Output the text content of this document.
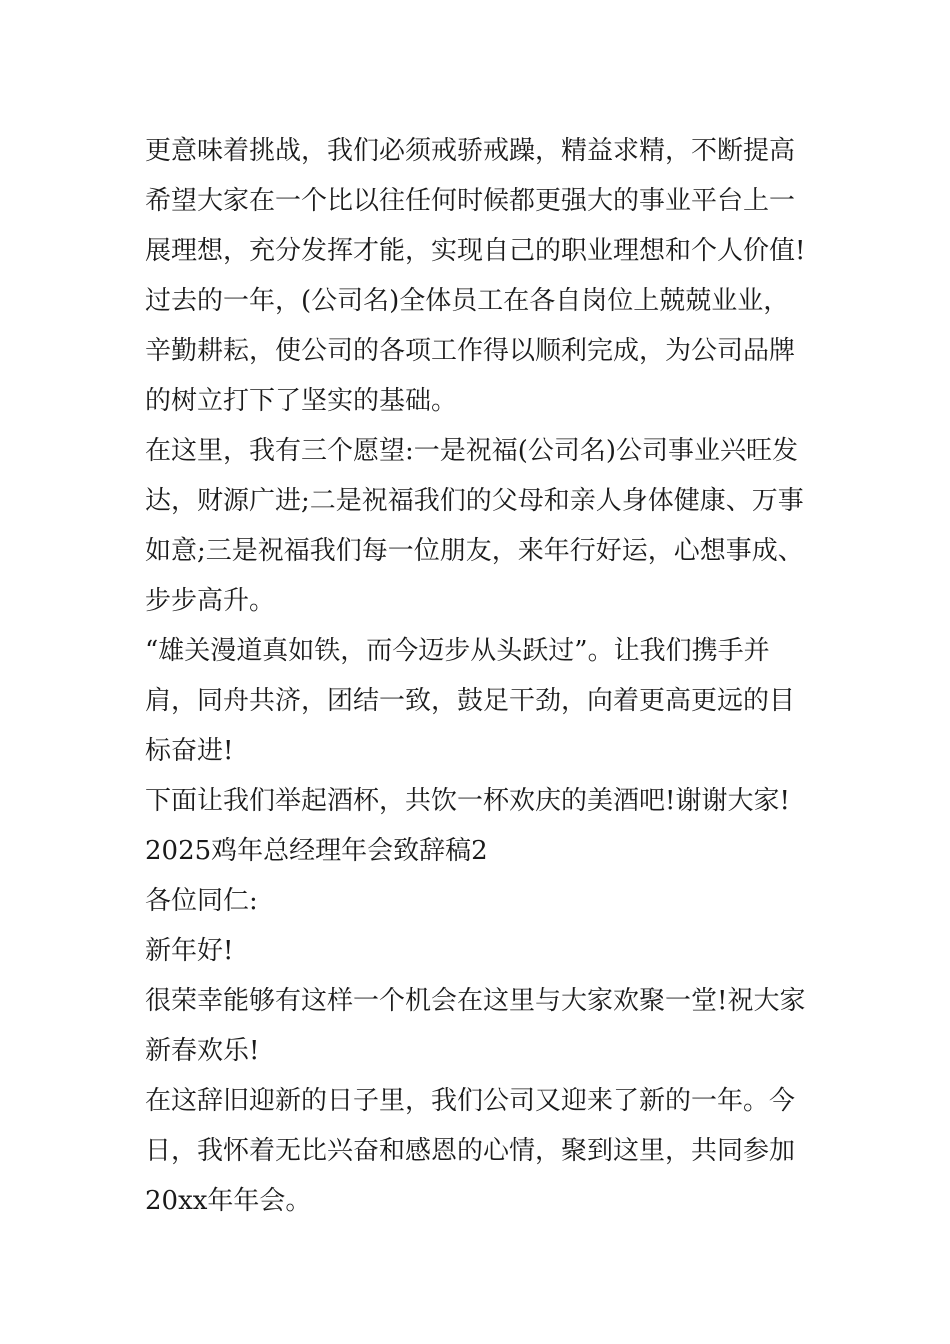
更意味着挑战，我们必须戒骄戒躁，精益求精，不断提高
希望大家在一个比以往任何时候都更强大的事业平台上一
展理想，充分发挥才能，实现自己的职业理想和个人价值!
过去的一年，(公司名)全体员工在各自岗位上兢兢业业，
辛勤耕耘，使公司的各项工作得以顺利完成，为公司品牌
的树立打下了坚实的基础。
在这里，我有三个愿望:一是祝福(公司名)公司事业兴旺发
达，财源广进;二是祝福我们的父母和亲人身体健康、万事
如意;三是祝福我们每一位朋友，来年行好运，心想事成、
步步高升。
“雄关漫道真如铁，而今迈步从头跃过”。让我们携手并
肩，同舟共济，团结一致，鼓足干劲，向着更高更远的目
标奋进!
下面让我们举起酒杯，共饮一杯欢庆的美酒吧!谢谢大家!
2025鸡年总经理年会致辞稿2
各位同仁:
新年好!
很荣幸能够有这样一个机会在这里与大家欢聚一堂!祝大家
新春欢乐!
在这辞旧迎新的日子里，我们公司又迎来了新的一年。今
日，我怀着无比兴奋和感恩的心情，聚到这里，共同参加
20xx年年会。
